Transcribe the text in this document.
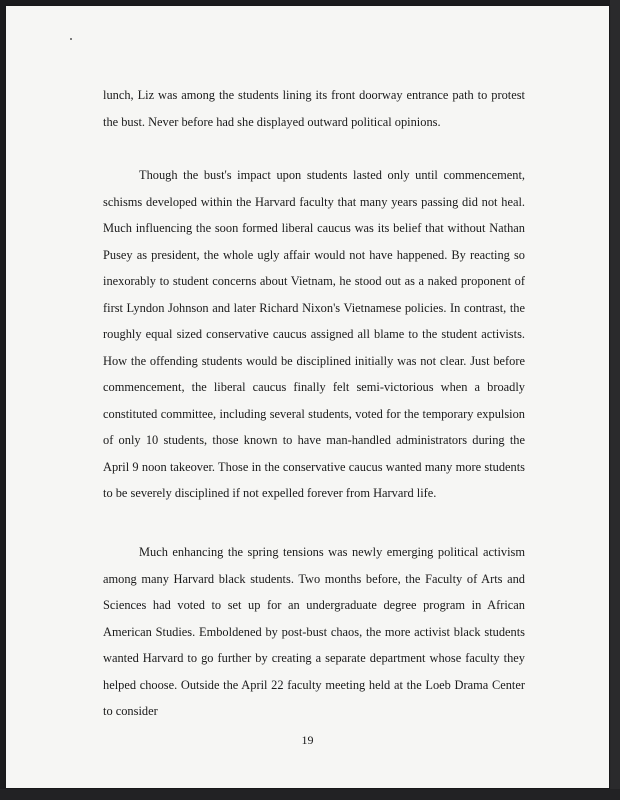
lunch, Liz was among the students lining its front doorway entrance path to protest the bust. Never before had she displayed outward political opinions.

Though the bust's impact upon students lasted only until commencement, schisms developed within the Harvard faculty that many years passing did not heal. Much influencing the soon formed liberal caucus was its belief that without Nathan Pusey as president, the whole ugly affair would not have happened. By reacting so inexorably to student concerns about Vietnam, he stood out as a naked proponent of first Lyndon Johnson and later Richard Nixon's Vietnamese policies. In contrast, the roughly equal sized conservative caucus assigned all blame to the student activists. How the offending students would be disciplined initially was not clear. Just before commencement, the liberal caucus finally felt semi-victorious when a broadly constituted committee, including several students, voted for the temporary expulsion of only 10 students, those known to have man-handled administrators during the April 9 noon takeover. Those in the conservative caucus wanted many more students to be severely disciplined if not expelled forever from Harvard life.

Much enhancing the spring tensions was newly emerging political activism among many Harvard black students. Two months before, the Faculty of Arts and Sciences had voted to set up for an undergraduate degree program in African American Studies. Emboldened by post-bust chaos, the more activist black students wanted Harvard to go further by creating a separate department whose faculty they helped choose. Outside the April 22 faculty meeting held at the Loeb Drama Center to consider

19
